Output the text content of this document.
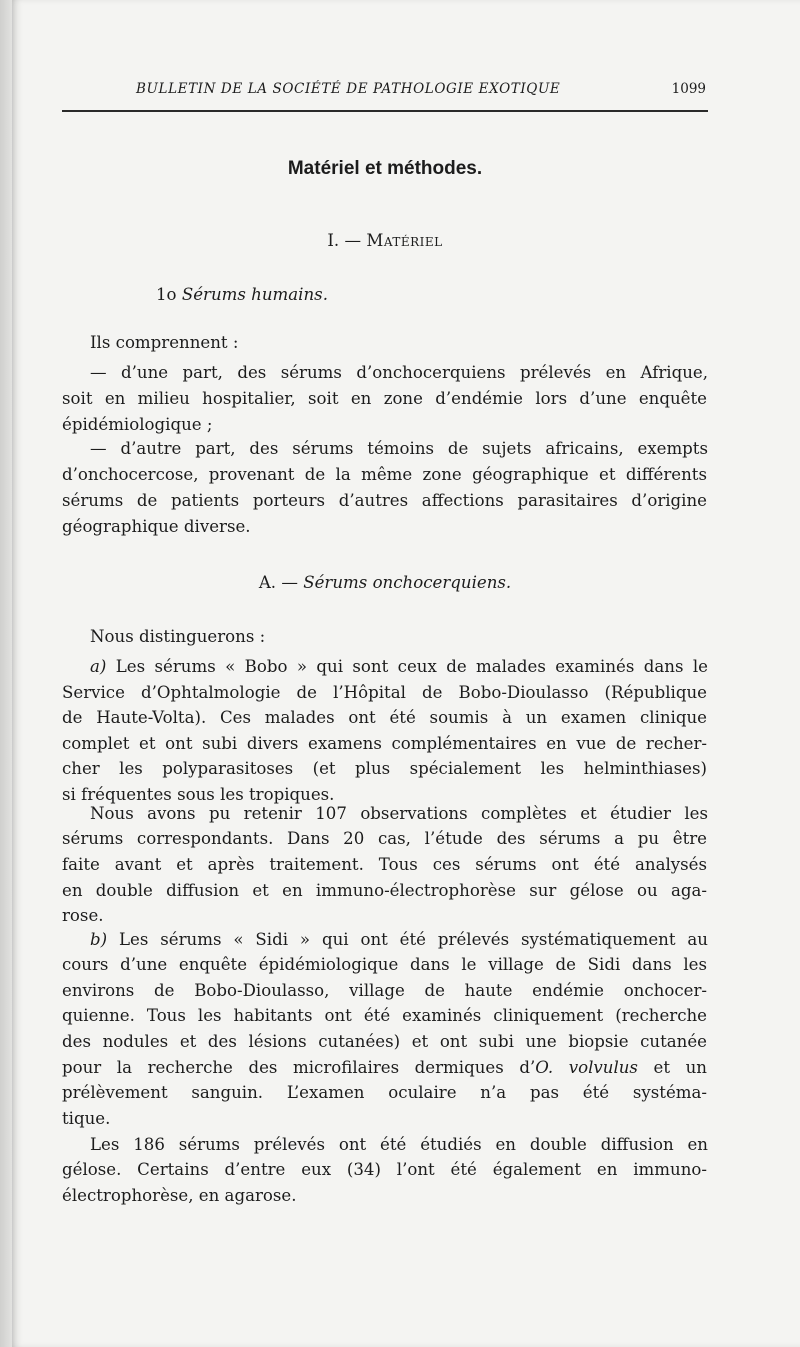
BULLETIN DE LA SOCIÉTÉ DE PATHOLOGIE EXOTIQUE	1099
Matériel et méthodes.
I. — Matériel
1o Sérums humains.
Ils comprennent :
— d’une part, des sérums d’onchocerquiens prélevés en Afrique,
soit en milieu hospitalier, soit en zone d’endémie lors d’une enquête
épidémiologique ;
— d’autre part, des sérums témoins de sujets africains, exempts
d’onchocercose, provenant de la même zone géographique et différents
sérums de patients porteurs d’autres affections parasitaires d’origine
géographique diverse.
A. — Sérums onchocerquiens.
Nous distinguerons :
a) Les sérums « Bobo » qui sont ceux de malades examinés dans le
Service d’Ophtalmologie de l’Hôpital de Bobo-Dioulasso (République
de Haute-Volta). Ces malades ont été soumis à un examen clinique
complet et ont subi divers examens complémentaires en vue de recher-
cher les polyparasitoses (et plus spécialement les helminthiases)
si fréquentes sous les tropiques.
Nous avons pu retenir 107 observations complètes et étudier les
sérums correspondants. Dans 20 cas, l’étude des sérums a pu être
faite avant et après traitement. Tous ces sérums ont été analysés
en double diffusion et en immuno-électrophorèse sur gélose ou aga-
rose.
b) Les sérums « Sidi » qui ont été prélevés systématiquement au
cours d’une enquête épidémiologique dans le village de Sidi dans les
environs de Bobo-Dioulasso, village de haute endémie onchocer-
quienne. Tous les habitants ont été examinés cliniquement (recherche
des nodules et des lésions cutanées) et ont subi une biopsie cutanée
pour la recherche des microfilaires dermiques d’O. volvulus et un
prélèvement sanguin. L’examen oculaire n’a pas été systéma-
tique.
Les 186 sérums prélevés ont été étudiés en double diffusion en
gélose. Certains d’entre eux (34) l’ont été également en immuno-
électrophorèse, en agarose.
